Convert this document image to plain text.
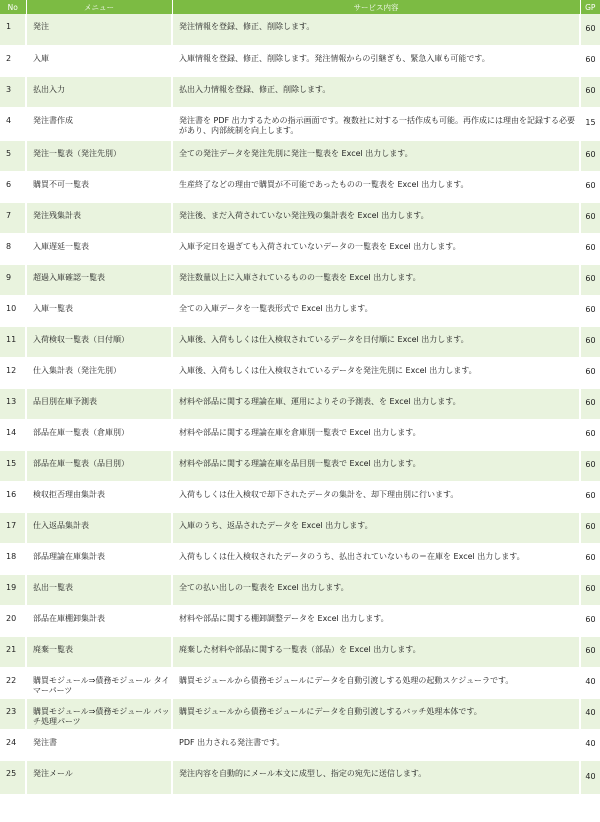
No	メニュー	サービス内容	GP
1	発注	発注情報を登録、修正、削除します。	60
2	入庫	入庫情報を登録、修正、削除します。発注情報からの引継ぎも、緊急入庫も可能です。	60
3	払出入力	払出入力情報を登録、修正、削除します。	60
4	発注書作成	発注書を PDF 出力するための指示画面です。複数社に対する一括作成も可能。再作成には理由を記録する必要があり、内部統制を向上します。	15
5	発注一覧表（発注先別）	全ての発注データを発注先別に発注一覧表を Excel 出力します。	60
6	購買不可一覧表	生産終了などの理由で購買が不可能であったものの一覧表を Excel 出力します。	60
7	発注残集計表	発注後、まだ入荷されていない発注残の集計表を Excel 出力します。	60
8	入庫遅延一覧表	入庫予定日を過ぎても入荷されていないデータの一覧表を Excel 出力します。	60
9	超過入庫確認一覧表	発注数量以上に入庫されているものの一覧表を Excel 出力します。	60
10	入庫一覧表	全ての入庫データを一覧表形式で Excel 出力します。	60
11	入荷検収一覧表（日付順）	入庫後、入荷もしくは仕入検収されているデータを日付順に Excel 出力します。	60
12	仕入集計表（発注先別）	入庫後、入荷もしくは仕入検収されているデータを発注先別に Excel 出力します。	60
13	品目別在庫予測表	材料や部品に関する理論在庫、運用によりその予測表、を Excel 出力します。	60
14	部品在庫一覧表（倉庫別）	材料や部品に関する理論在庫を倉庫別一覧表で Excel 出力します。	60
15	部品在庫一覧表（品目別）	材料や部品に関する理論在庫を品目別一覧表で Excel 出力します。	60
16	検収拒否理由集計表	入荷もしくは仕入検収で却下されたデータの集計を、却下理由別に行います。	60
17	仕入返品集計表	入庫のうち、返品されたデータを Excel 出力します。	60
18	部品理論在庫集計表	入荷もしくは仕入検収されたデータのうち、払出されていないもの＝在庫を Excel 出力します。	60
19	払出一覧表	全ての払い出しの一覧表を Excel 出力します。	60
20	部品在庫棚卸集計表	材料や部品に関する棚卸調整データを Excel 出力します。	60
21	廃棄一覧表	廃棄した材料や部品に関する一覧表（部品）を Excel 出力します。	60
22	購買モジュール⇒債務モジュール タイマーパーツ	購買モジュールから債務モジュールにデータを自動引渡しする処理の起動スケジューラです。	40
23	購買モジュール⇒債務モジュール バッチ処理パーツ	購買モジュールから債務モジュールにデータを自動引渡しするバッチ処理本体です。	40
24	発注書	PDF 出力される発注書です。	40
25	発注メール	発注内容を自動的にメール本文に成型し、指定の宛先に送信します。	40
